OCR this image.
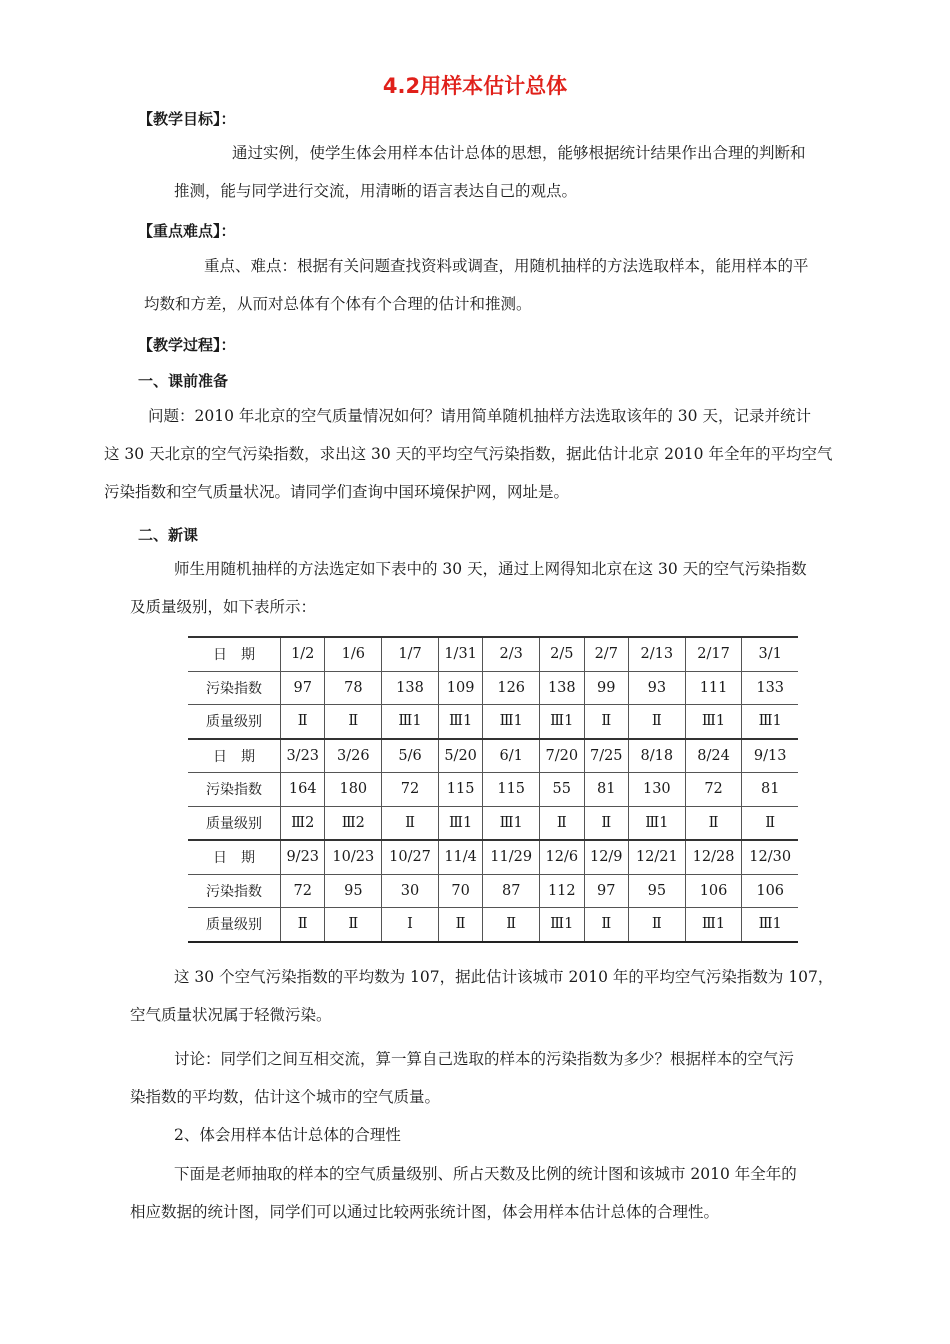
4.2用样本估计总体
【教学目标】：

通过实例，使学生体会用样本估计总体的思想，能够根据统计结果作出合理的判断和
推测，能与同学进行交流，用清晰的语言表达自己的观点。

【重点难点】：

重点、难点：根据有关问题查找资料或调查，用随机抽样的方法选取样本，能用样本的平
均数和方差，从而对总体有个体有个合理的估计和推测。

【教学过程】：
一、课前准备

问题：2010 年北京的空气质量情况如何？请用简单随机抽样方法选取该年的 30 天，记录并统计
这 30 天北京的空气污染指数，求出这 30 天的平均空气污染指数，据此估计北京 2010 年全年的平均空气
污染指数和空气质量状况。请同学们查询中国环境保护网，网址是。

二、新课

师生用随机抽样的方法选定如下表中的 30 天，通过上网得知北京在这 30 天的空气污染指数
及质量级别，如下表所示：

日　期	1/2	1/6	1/7	1/31	2/3	2/5	2/7	2/13	2/17	3/1
污染指数	97	78	138	109	126	138	99	93	111	133
质量级别	Ⅱ	Ⅱ	Ⅲ1	Ⅲ1	Ⅲ1	Ⅲ1	Ⅱ	Ⅱ	Ⅲ1	Ⅲ1
日　期	3/23	3/26	5/6	5/20	6/1	7/20	7/25	8/18	8/24	9/13
污染指数	164	180	72	115	115	55	81	130	72	81
质量级别	Ⅲ2	Ⅲ2	Ⅱ	Ⅲ1	Ⅲ1	Ⅱ	Ⅱ	Ⅲ1	Ⅱ	Ⅱ
日　期	9/23	10/23	10/27	11/4	11/29	12/6	12/9	12/21	12/28	12/30
污染指数	72	95	30	70	87	112	97	95	106	106
质量级别	Ⅱ	Ⅱ	Ⅰ	Ⅱ	Ⅱ	Ⅲ1	Ⅱ	Ⅱ	Ⅲ1	Ⅲ1

这 30 个空气污染指数的平均数为 107，据此估计该城市 2010 年的平均空气污染指数为 107，
空气质量状况属于轻微污染。

讨论：同学们之间互相交流，算一算自己选取的样本的污染指数为多少？根据样本的空气污
染指数的平均数，估计这个城市的空气质量。

2、体会用样本估计总体的合理性

下面是老师抽取的样本的空气质量级别、所占天数及比例的统计图和该城市 2010 年全年的
相应数据的统计图，同学们可以通过比较两张统计图，体会用样本估计总体的合理性。
